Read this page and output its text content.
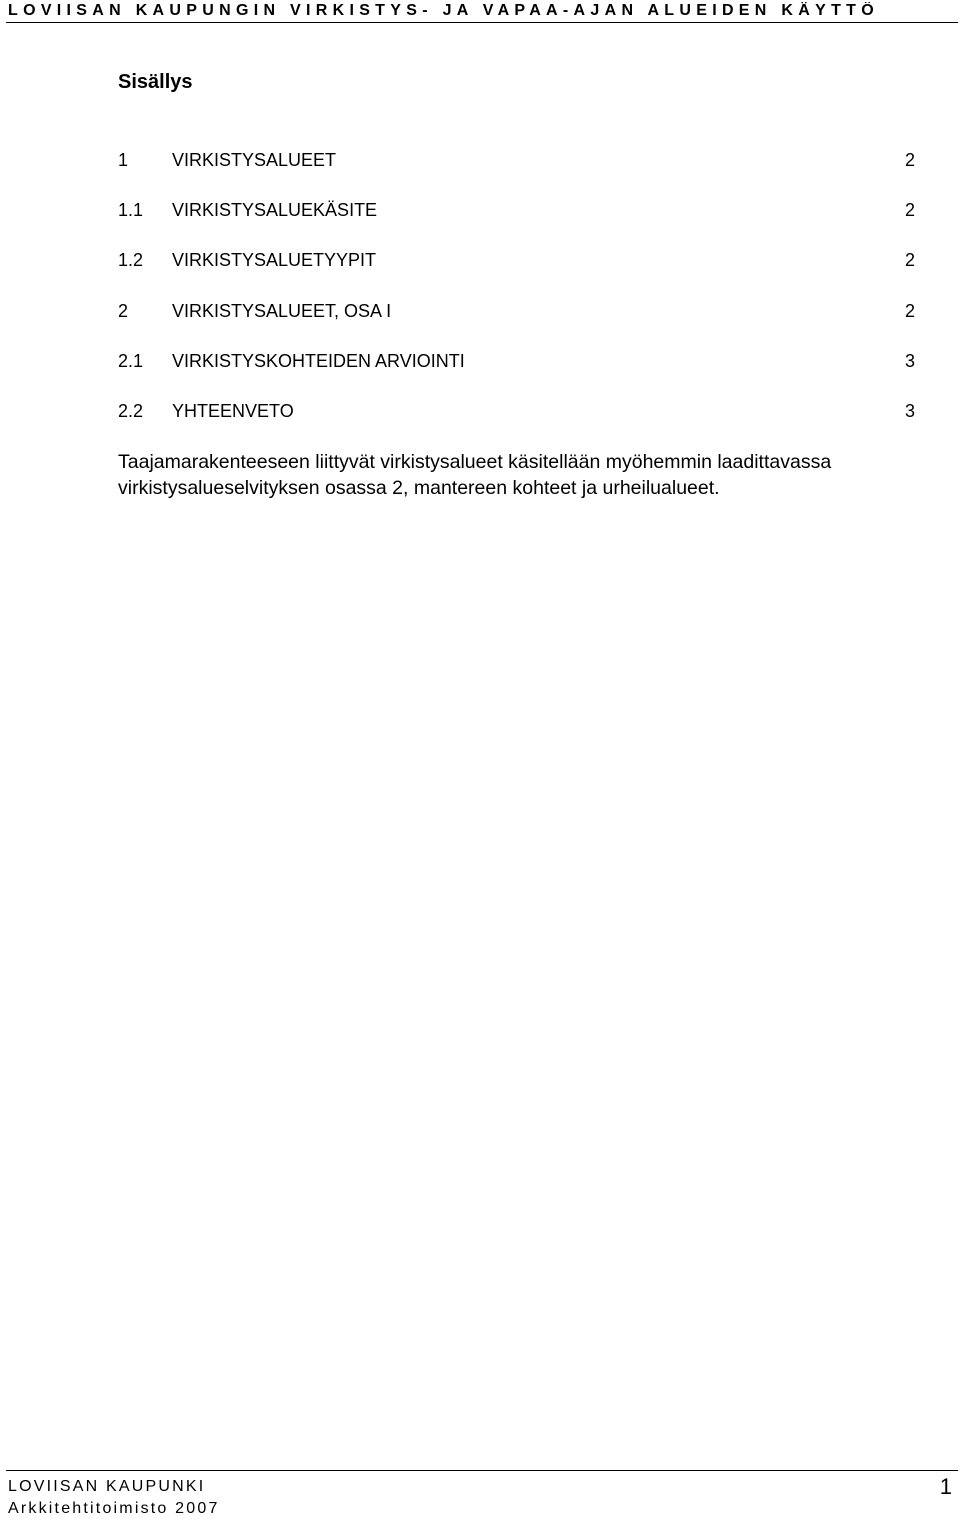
LOVIISAN KAUPUNGIN VIRKISTYS- JA VAPAA-AJAN ALUEIDEN KÄYTTÖ
Sisällys
1 VIRKISTYSALUEET	2
1.1 VIRKISTYSALUEKÄSITE	2
1.2 VIRKISTYSALUETYYPIT	2
2 VIRKISTYSALUEET, OSA I	2
2.1 VIRKISTYSKOHTEIDEN ARVIOINTI	3
2.2 YHTEENVETO	3

Taajamarakenteeseen liittyvät virkistysalueet käsitellään myöhemmin laadittavassa virkistysalueselvityksen osassa 2, mantereen kohteet ja urheilualueet.

LOVIISAN KAUPUNKI
Arkkitehtitoimisto 2007
1
